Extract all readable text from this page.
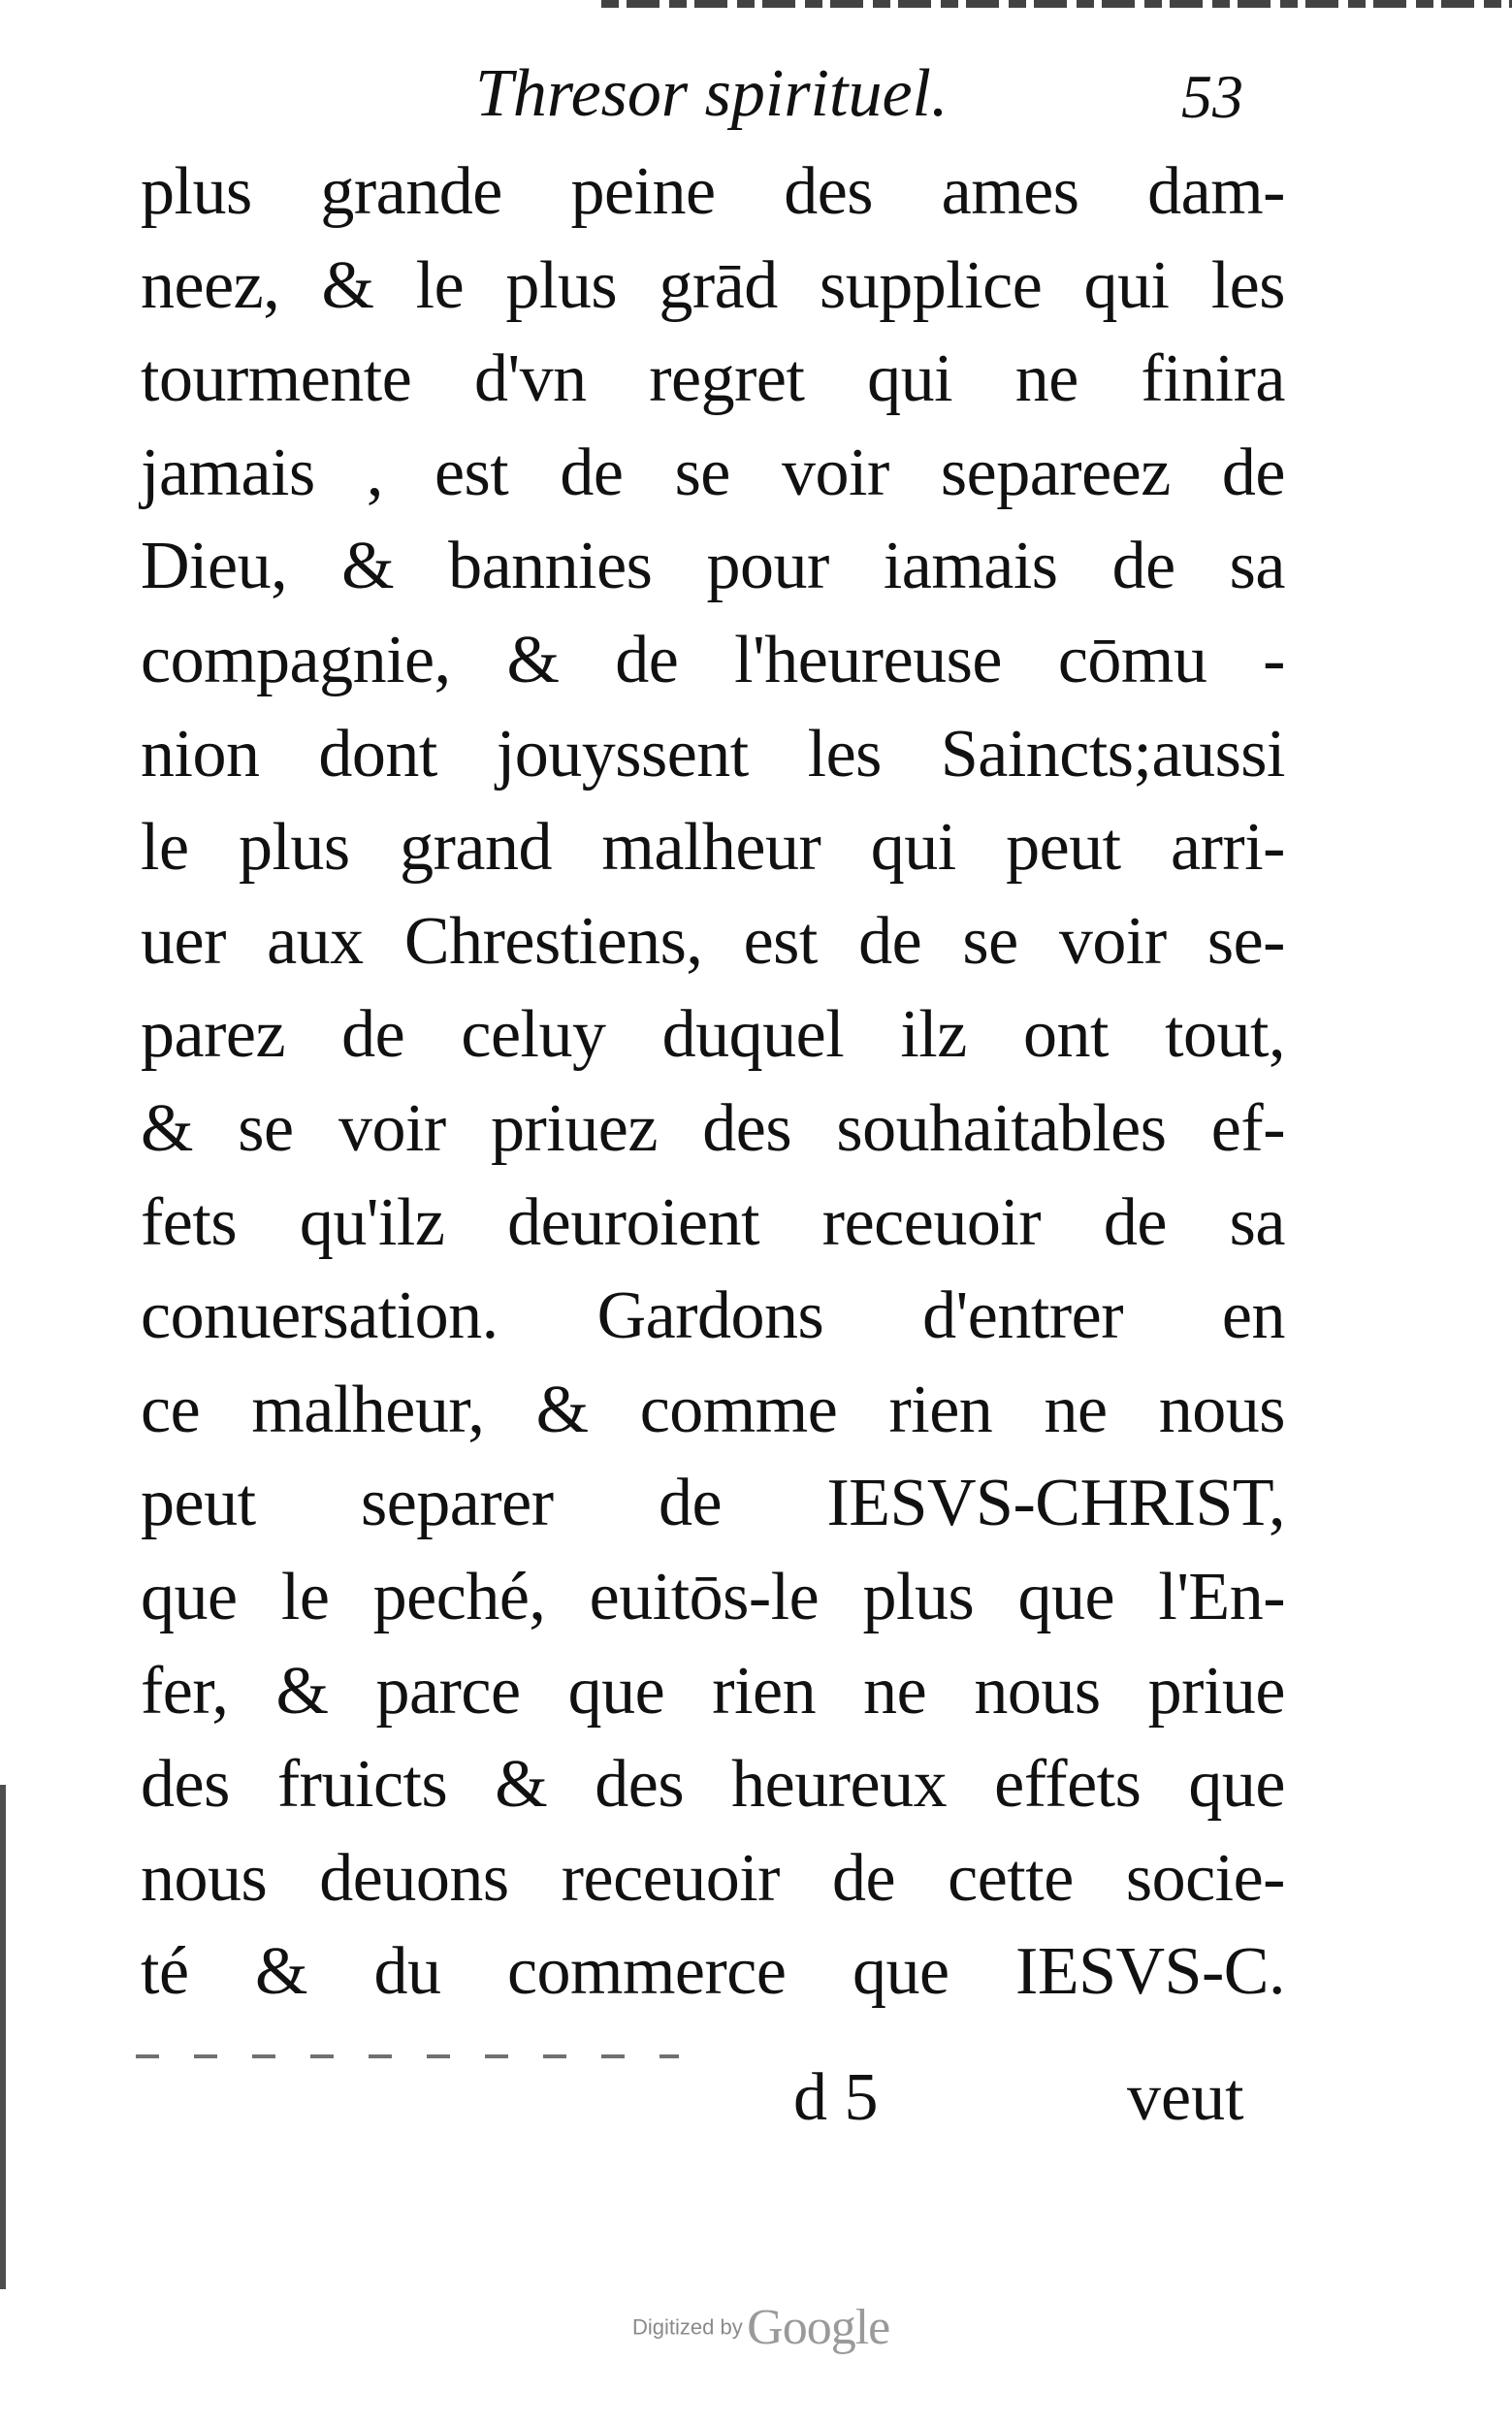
Thresor spirituel.	53
plus grande peine des ames dam-
neez, & le plus grād supplice qui les
tourmente d'vn regret qui ne finira
jamais , est de se voir separeez de
Dieu, & bannies pour iamais de sa
compagnie, & de l'heureuse cōmu -
nion dont jouyssent les Saincts;aussi
le plus grand malheur qui peut arri-
uer aux Chrestiens, est de se voir se-
parez de celuy duquel ilz ont tout,
& se voir priuez des souhaitables ef-
fets qu'ilz deuroient receuoir de sa
conuersation. Gardons d'entrer en
ce malheur, & comme rien ne nous
peut separer de IESVS-CHRIST,
que le peché, euitōs-le plus que l'En-
fer, & parce que rien ne nous priue
des fruicts & des heureux effets que
nous deuons receuoir de cette socie-
té & du commerce que IESVS-C.
d 5	veut
Digitized by Google
